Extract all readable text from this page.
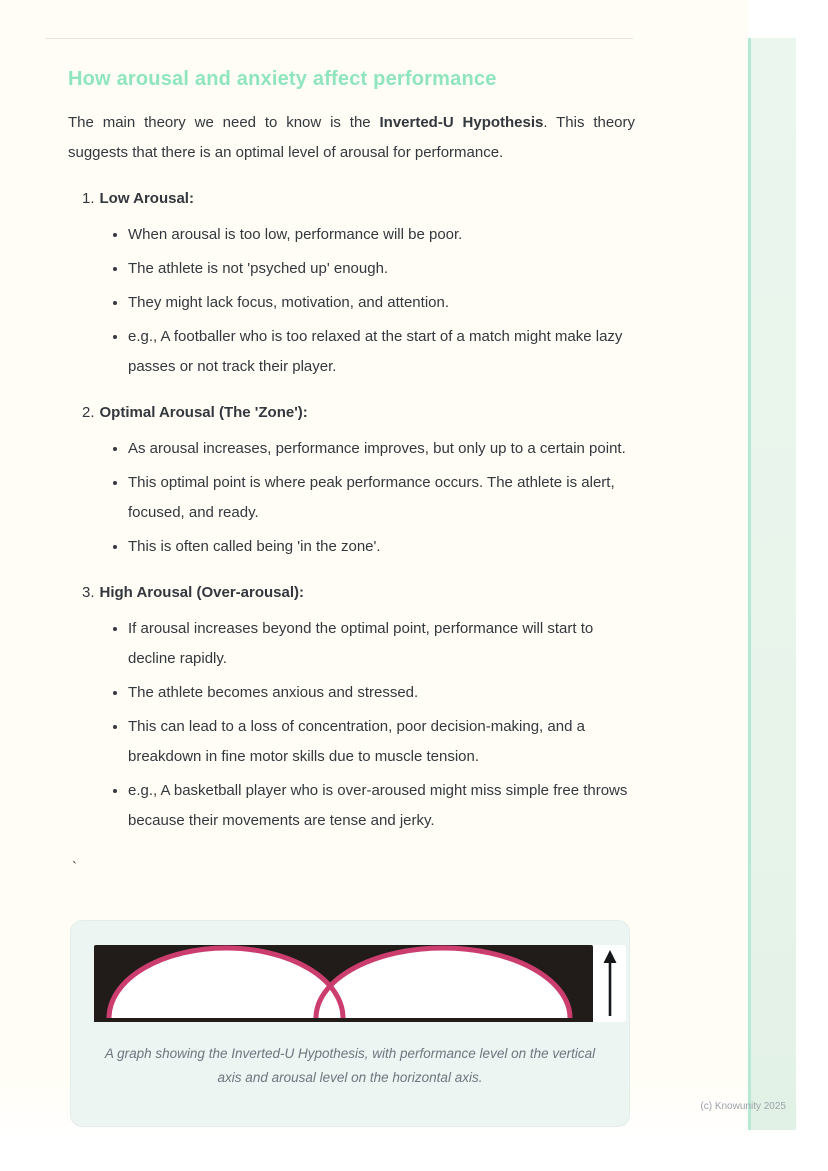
How arousal and anxiety affect performance

The main theory we need to know is the Inverted-U Hypothesis. This theory suggests that there is an optimal level of arousal for performance.

1. Low Arousal:
• When arousal is too low, performance will be poor.
• The athlete is not 'psyched up' enough.
• They might lack focus, motivation, and attention.
• e.g., A footballer who is too relaxed at the start of a match might make lazy passes or not track their player.
2. Optimal Arousal (The 'Zone'):
• As arousal increases, performance improves, but only up to a certain point.
• This optimal point is where peak performance occurs. The athlete is alert, focused, and ready.
• This is often called being 'in the zone'.
3. High Arousal (Over-arousal):
• If arousal increases beyond the optimal point, performance will start to decline rapidly.
• The athlete becomes anxious and stressed.
• This can lead to a loss of concentration, poor decision-making, and a breakdown in fine motor skills due to muscle tension.
• e.g., A basketball player who is over-aroused might miss simple free throws because their movements are tense and jerky.
`
A graph showing the Inverted-U Hypothesis, with performance level on the vertical axis and arousal level on the horizontal axis.
(c) Knowunity 2025
